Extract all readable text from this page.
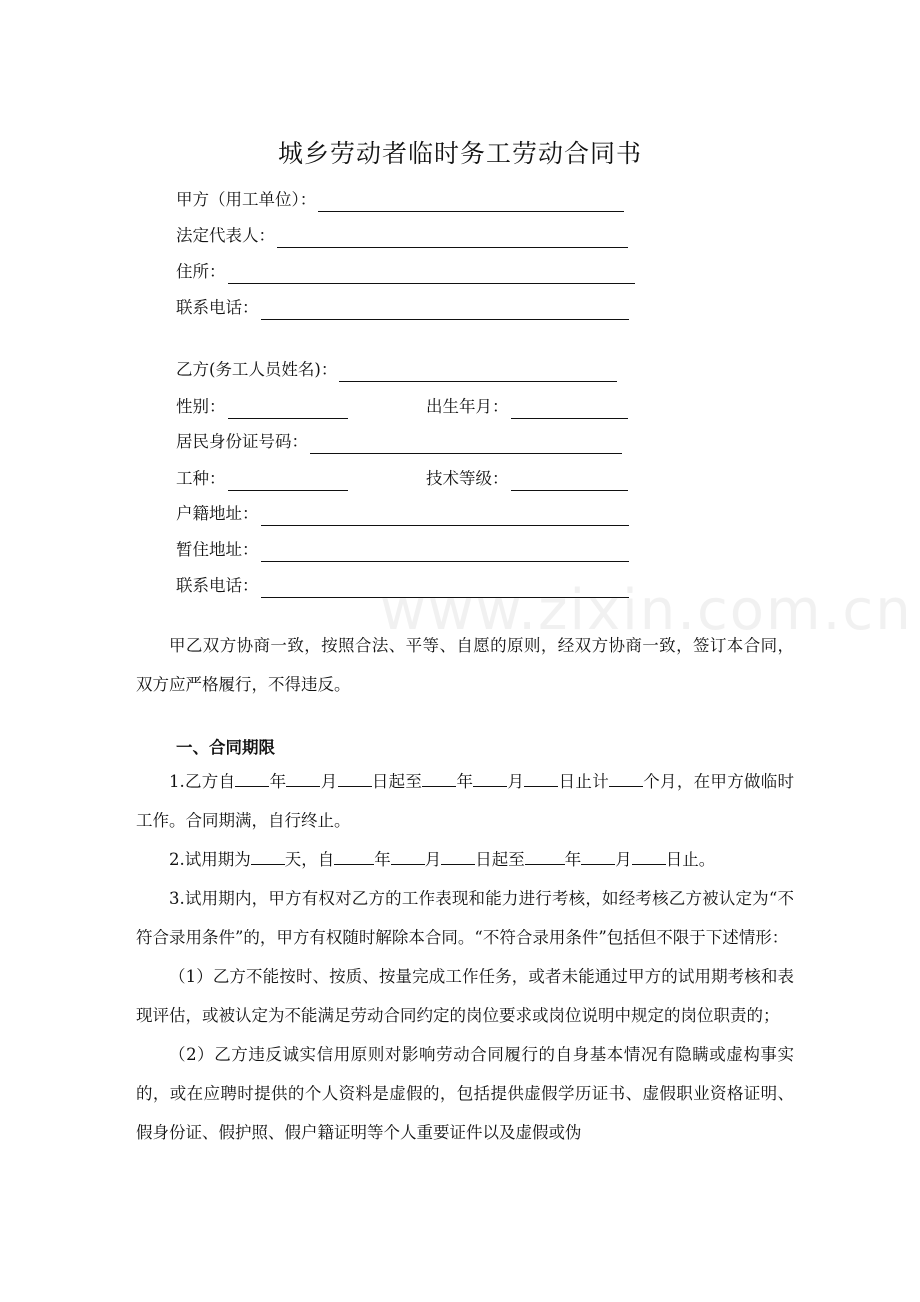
www.zixin.com.cn
城乡劳动者临时务工劳动合同书
甲方（用工单位）：
法定代表人：
住所：
联系电话：
乙方(务工人员姓名)：
性别：	出生年月：
居民身份证号码：
工种：	技术等级：
户籍地址：
暂住地址：
联系电话：

甲乙双方协商一致，按照合法、平等、自愿的原则，经双方协商一致，签订本合同，双方应严格履行，不得违反。

一、合同期限

1.乙方自 年 月 日起至 年 月 日止计 个月，在甲方做临时工作。合同期满，自行终止。

2.试用期为 天，自 年 月 日起至 年 月 日止。

3.试用期内，甲方有权对乙方的工作表现和能力进行考核，如经考核乙方被认定为“不符合录用条件”的，甲方有权随时解除本合同。“不符合录用条件”包括但不限于下述情形：

（1）乙方不能按时、按质、按量完成工作任务，或者未能通过甲方的试用期考核和表现评估，或被认定为不能满足劳动合同约定的岗位要求或岗位说明中规定的岗位职责的；

（2）乙方违反诚实信用原则对影响劳动合同履行的自身基本情况有隐瞒或虚构事实的，或在应聘时提供的个人资料是虚假的，包括提供虚假学历证书、虚假职业资格证明、假身份证、假护照、假户籍证明等个人重要证件以及虚假或伪
